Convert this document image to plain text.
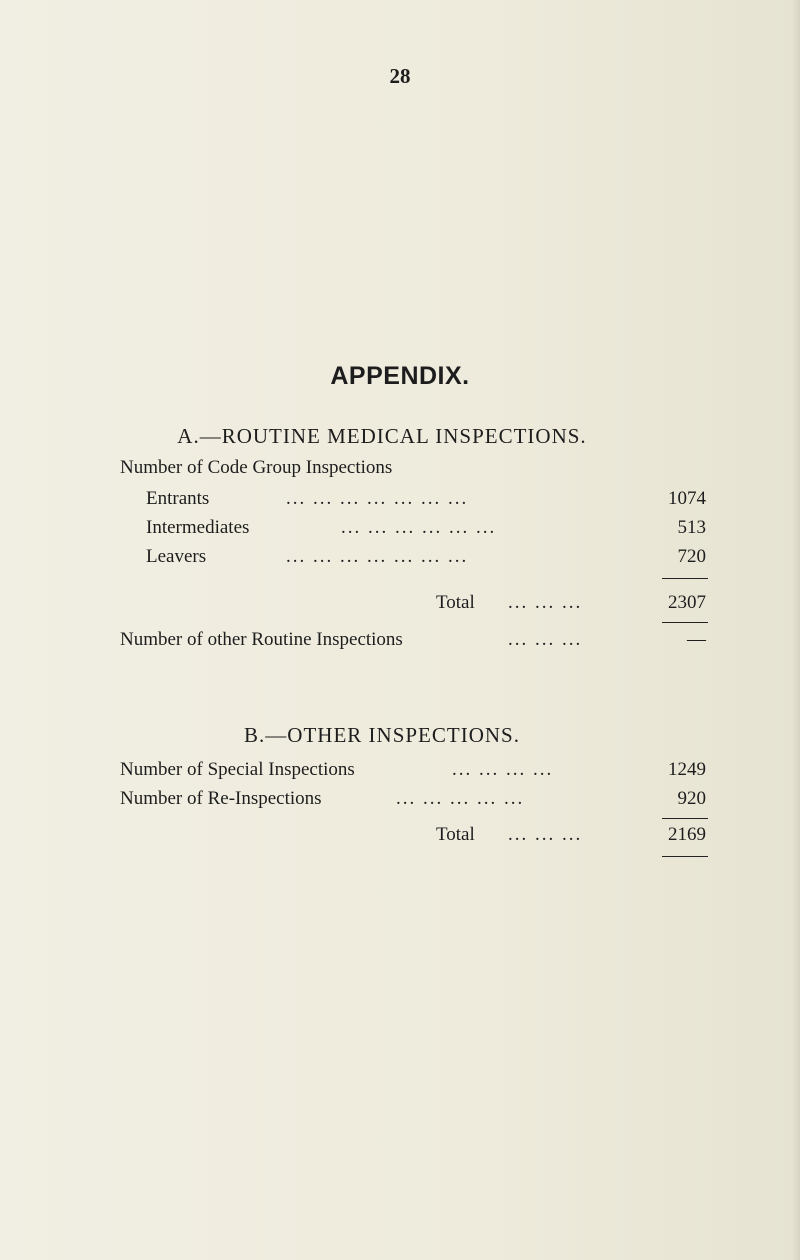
28
APPENDIX.
A.—ROUTINE MEDICAL INSPECTIONS.
Number of Code Group Inspections
Entrants	... ... ... ... ... ... ...	1074
Intermediates	... ... ... ... ... ...	513
Leavers	... ... ... ... ... ... ...	720
Total ... ... ...	2307
Number of other Routine Inspections	... ... ...	—
B.—OTHER INSPECTIONS.
Number of Special Inspections	... ... ... ...	1249
Number of Re-Inspections	... ... ... ... ...	920
Total ... ... ...	2169
